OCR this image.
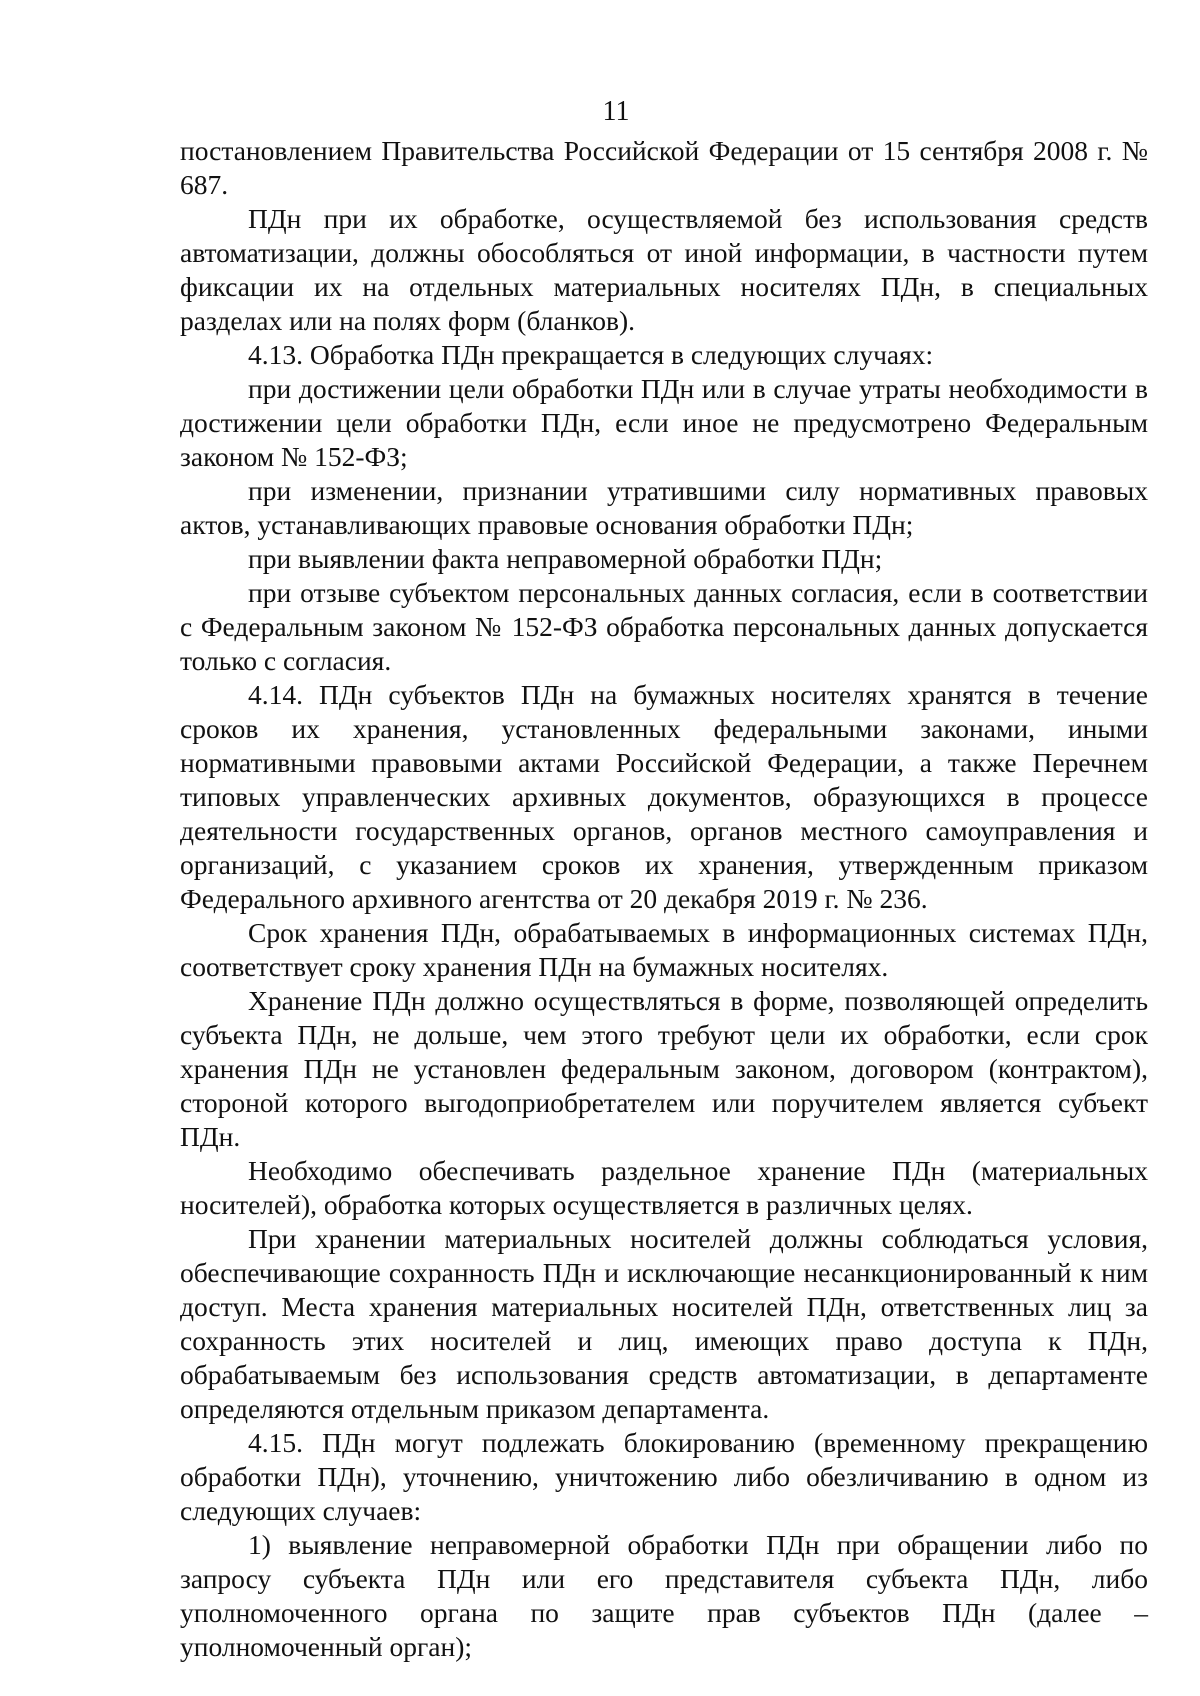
11

постановлением Правительства Российской Федерации от 15 сентября 2008 г. № 687.

ПДн при их обработке, осуществляемой без использования средств автоматизации, должны обособляться от иной информации, в частности путем фиксации их на отдельных материальных носителях ПДн, в специальных разделах или на полях форм (бланков).

4.13. Обработка ПДн прекращается в следующих случаях:

при достижении цели обработки ПДн или в случае утраты необходимости в достижении цели обработки ПДн, если иное не предусмотрено Федеральным законом № 152-ФЗ;

при изменении, признании утратившими силу нормативных правовых актов, устанавливающих правовые основания обработки ПДн;

при выявлении факта неправомерной обработки ПДн;

при отзыве субъектом персональных данных согласия, если в соответствии с Федеральным законом № 152-ФЗ обработка персональных данных допускается только с согласия.

4.14. ПДн субъектов ПДн на бумажных носителях хранятся в течение сроков их хранения, установленных федеральными законами, иными нормативными правовыми актами Российской Федерации, а также Перечнем типовых управленческих архивных документов, образующихся в процессе деятельности государственных органов, органов местного самоуправления и организаций, с указанием сроков их хранения, утвержденным приказом Федерального архивного агентства от 20 декабря 2019 г. № 236.

Срок хранения ПДн, обрабатываемых в информационных системах ПДн, соответствует сроку хранения ПДн на бумажных носителях.

Хранение ПДн должно осуществляться в форме, позволяющей определить субъекта ПДн, не дольше, чем этого требуют цели их обработки, если срок хранения ПДн не установлен федеральным законом, договором (контрактом), стороной которого выгодоприобретателем или поручителем является субъект ПДн.

Необходимо обеспечивать раздельное хранение ПДн (материальных носителей), обработка которых осуществляется в различных целях.

При хранении материальных носителей должны соблюдаться условия, обеспечивающие сохранность ПДн и исключающие несанкционированный к ним доступ. Места хранения материальных носителей ПДн, ответственных лиц за сохранность этих носителей и лиц, имеющих право доступа к ПДн, обрабатываемым без использования средств автоматизации, в департаменте определяются отдельным приказом департамента.

4.15. ПДн могут подлежать блокированию (временному прекращению обработки ПДн), уточнению, уничтожению либо обезличиванию в одном из следующих случаев:

1) выявление неправомерной обработки ПДн при обращении либо по запросу субъекта ПДн или его представителя субъекта ПДн, либо уполномоченного органа по защите прав субъектов ПДн (далее – уполномоченный орган);
